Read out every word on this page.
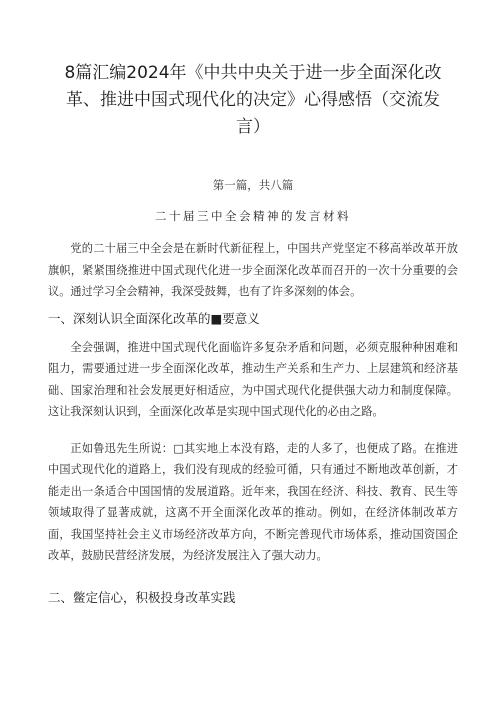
8篇汇编2024年《中共中央关于进一步全面深化改革、推进中国式现代化的决定》心得感悟（交流发言）
第一篇，共八篇
二十届三中全会精神的发言材料

党的二十届三中全会是在新时代新征程上，中国共产党坚定不移高举改革开放旗帜，紧紧围绕推进中国式现代化进一步全面深化改革而召开的一次十分重要的会议。通过学习全会精神，我深受鼓舞，也有了许多深刻的体会。

一、深刻认识全面深化改革的■要意义

全会强调，推进中国式现代化面临许多复杂矛盾和问题，必须克服种种困难和阻力，需要通过进一步全面深化改革，推动生产关系和生产力、上层建筑和经济基础、国家治理和社会发展更好相适应，为中国式现代化提供强大动力和制度保障。这让我深刻认识到，全面深化改革是实现中国式现代化的必由之路。

正如鲁迅先生所说：□其实地上本没有路，走的人多了，也便成了路。在推进中国式现代化的道路上，我们没有现成的经验可循，只有通过不断地改革创新，才能走出一条适合中国国情的发展道路。近年来，我国在经济、科技、教育、民生等领域取得了显著成就，这离不开全面深化改革的推动。例如，在经济体制改革方面，我国坚持社会主义市场经济改革方向，不断完善现代市场体系，推动国资国企改革，鼓励民营经济发展，为经济发展注入了强大动力。

二、鳖定信心，积极投身改革实践
